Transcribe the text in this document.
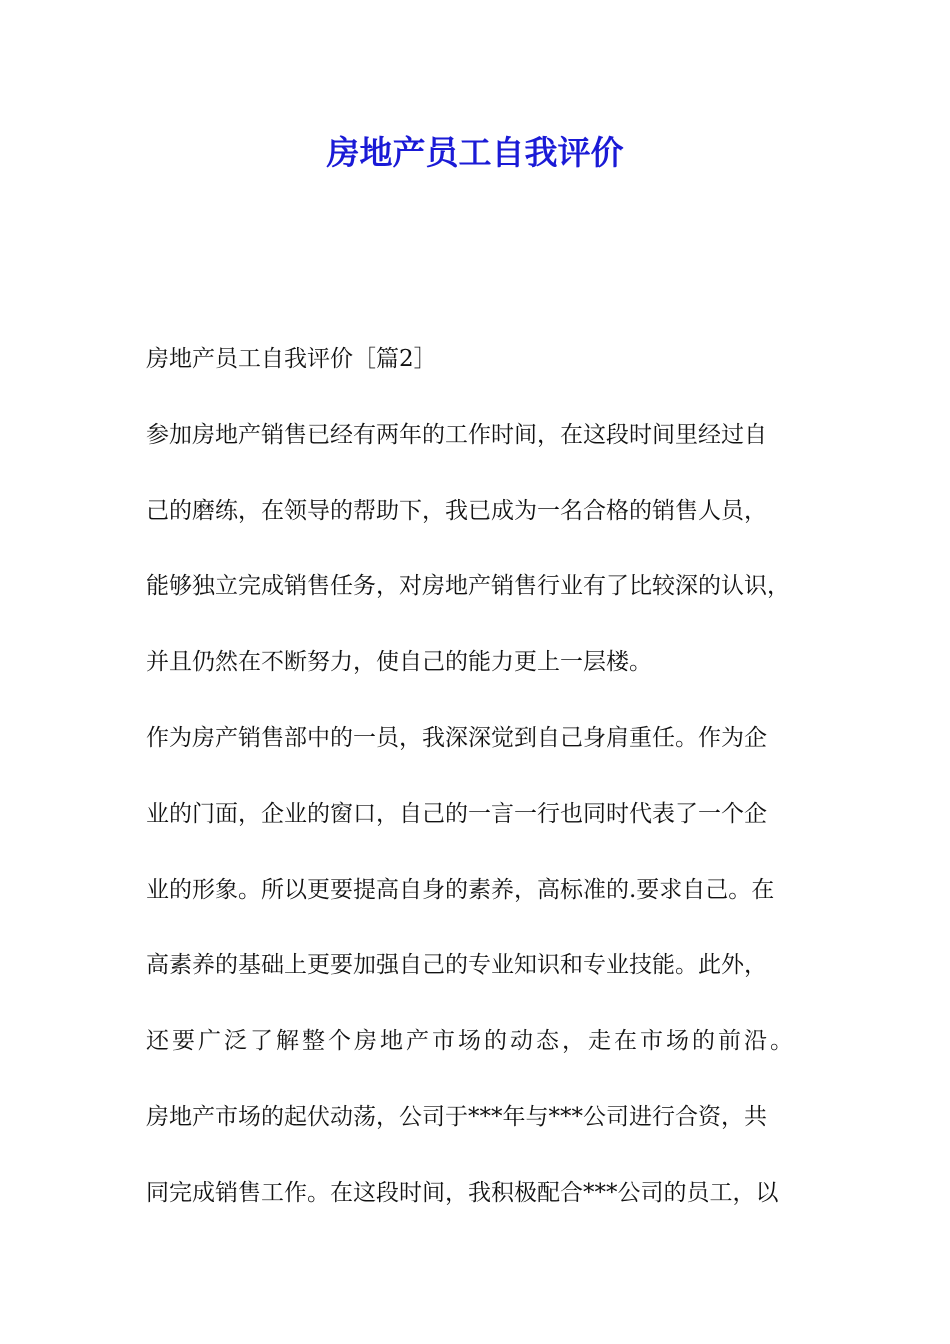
房地产员工自我评价
房地产员工自我评价［篇2］
参加房地产销售已经有两年的工作时间，在这段时间里经过自
己的磨练，在领导的帮助下，我已成为一名合格的销售人员，
能够独立完成销售任务，对房地产销售行业有了比较深的认识，
并且仍然在不断努力，使自己的能力更上一层楼。
作为房产销售部中的一员，我深深觉到自己身肩重任。作为企
业的门面，企业的窗口，自己的一言一行也同时代表了一个企
业的形象。所以更要提高自身的素养，高标准的.要求自己。在
高素养的基础上更要加强自己的专业知识和专业技能。此外，
还要广泛了解整个房地产市场的动态，走在市场的前沿。
房地产市场的起伏动荡，公司于***年与***公司进行合资，共
同完成销售工作。在这段时间，我积极配合***公司的员工，以
